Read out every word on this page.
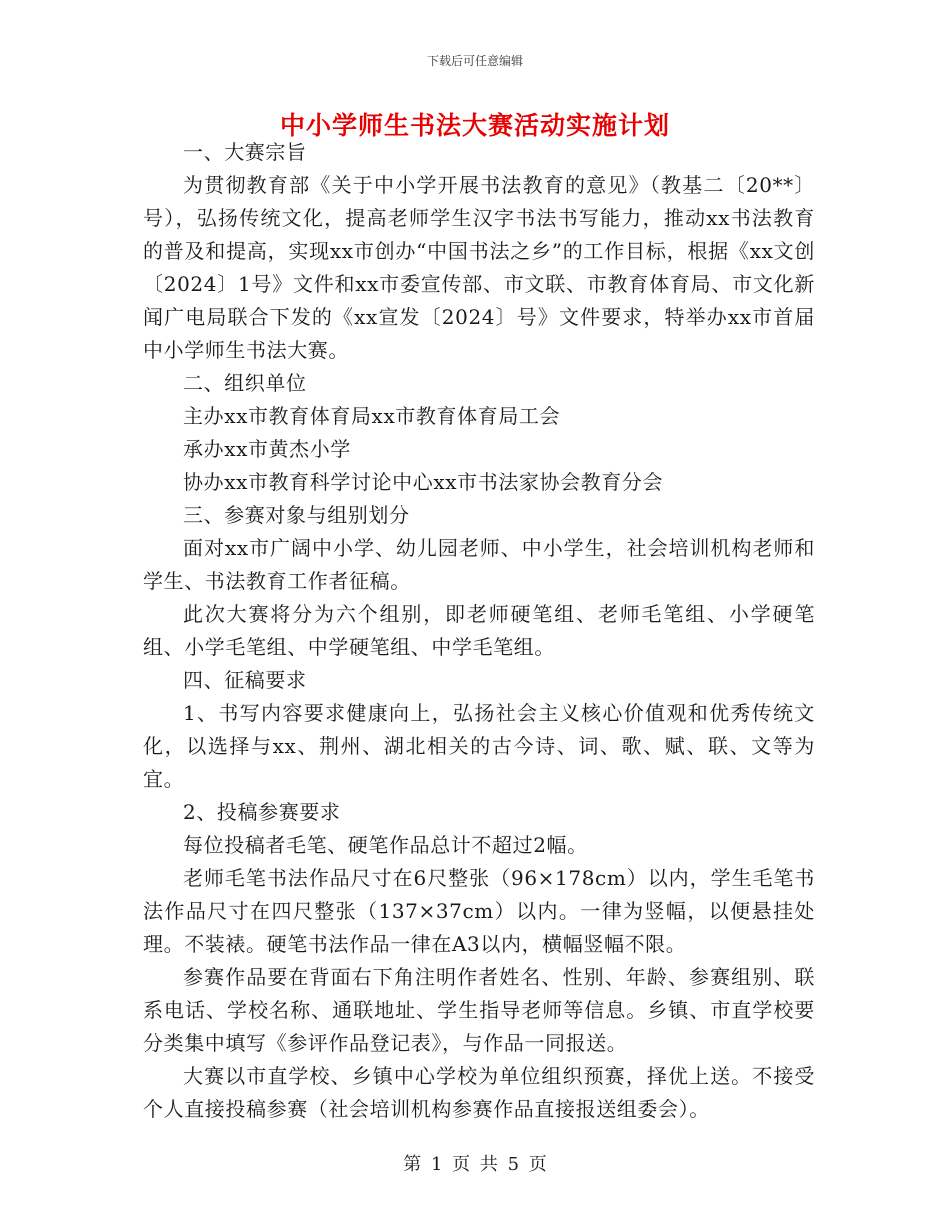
下载后可任意编辑
中小学师生书法大赛活动实施计划

一、大赛宗旨

为贯彻教育部《关于中小学开展书法教育的意见》（教基二〔20**〕号），弘扬传统文化，提高老师学生汉字书法书写能力，推动xx书法教育的普及和提高，实现xx市创办“中国书法之乡”的工作目标，根据《xx文创〔2024〕1号》文件和xx市委宣传部、市文联、市教育体育局、市文化新闻广电局联合下发的《xx宣发〔2024〕号》文件要求，特举办xx市首届中小学师生书法大赛。

二、组织单位

主办xx市教育体育局xx市教育体育局工会

承办xx市黄杰小学

协办xx市教育科学讨论中心xx市书法家协会教育分会

三、参赛对象与组别划分

面对xx市广阔中小学、幼儿园老师、中小学生，社会培训机构老师和学生、书法教育工作者征稿。

此次大赛将分为六个组别，即老师硬笔组、老师毛笔组、小学硬笔组、小学毛笔组、中学硬笔组、中学毛笔组。

四、征稿要求

1、书写内容要求健康向上，弘扬社会主义核心价值观和优秀传统文化，以选择与xx、荆州、湖北相关的古今诗、词、歌、赋、联、文等为宜。

2、投稿参赛要求

每位投稿者毛笔、硬笔作品总计不超过2幅。

老师毛笔书法作品尺寸在6尺整张（96×178cm）以内，学生毛笔书法作品尺寸在四尺整张（137×37cm）以内。一律为竖幅，以便悬挂处理。不装裱。硬笔书法作品一律在A3以内，横幅竖幅不限。

参赛作品要在背面右下角注明作者姓名、性别、年龄、参赛组别、联系电话、学校名称、通联地址、学生指导老师等信息。乡镇、市直学校要分类集中填写《参评作品登记表》，与作品一同报送。

大赛以市直学校、乡镇中心学校为单位组织预赛，择优上送。不接受个人直接投稿参赛（社会培训机构参赛作品直接报送组委会）。

第 1 页 共 5 页
